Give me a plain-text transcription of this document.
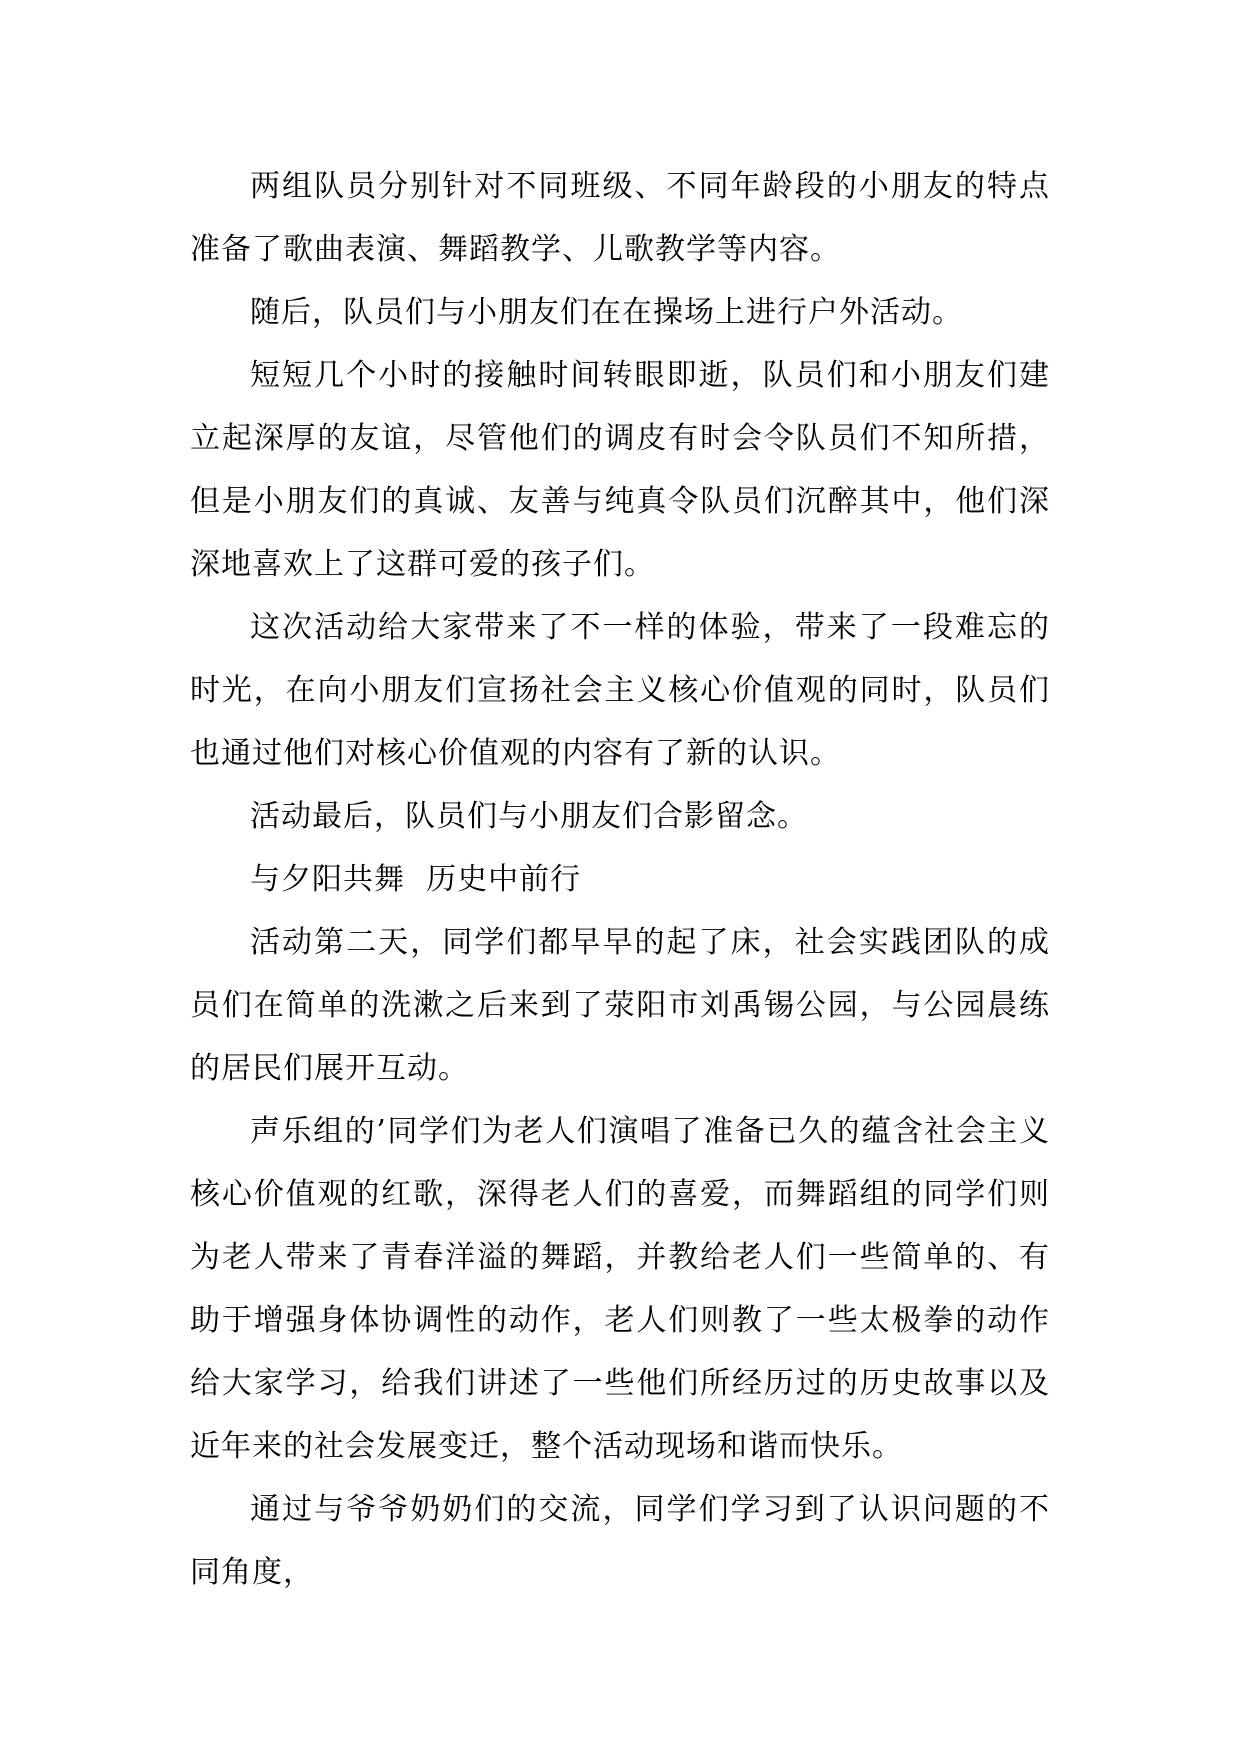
两组队员分别针对不同班级、不同年龄段的小朋友的特点准备了歌曲表演、舞蹈教学、儿歌教学等内容。

随后，队员们与小朋友们在在操场上进行户外活动。

短短几个小时的接触时间转眼即逝，队员们和小朋友们建立起深厚的友谊，尽管他们的调皮有时会令队员们不知所措，但是小朋友们的真诚、友善与纯真令队员们沉醉其中，他们深深地喜欢上了这群可爱的孩子们。

这次活动给大家带来了不一样的体验，带来了一段难忘的时光，在向小朋友们宣扬社会主义核心价值观的同时，队员们也通过他们对核心价值观的内容有了新的认识。

活动最后，队员们与小朋友们合影留念。

与夕阳共舞  历史中前行

活动第二天，同学们都早早的起了床，社会实践团队的成员们在简单的洗漱之后来到了荥阳市刘禹锡公园，与公园晨练的居民们展开互动。

声乐组的’同学们为老人们演唱了准备已久的蕴含社会主义核心价值观的红歌，深得老人们的喜爱，而舞蹈组的同学们则为老人带来了青春洋溢的舞蹈，并教给老人们一些简单的、有助于增强身体协调性的动作，老人们则教了一些太极拳的动作给大家学习，给我们讲述了一些他们所经历过的历史故事以及近年来的社会发展变迁，整个活动现场和谐而快乐。

通过与爷爷奶奶们的交流，同学们学习到了认识问题的不同角度，
